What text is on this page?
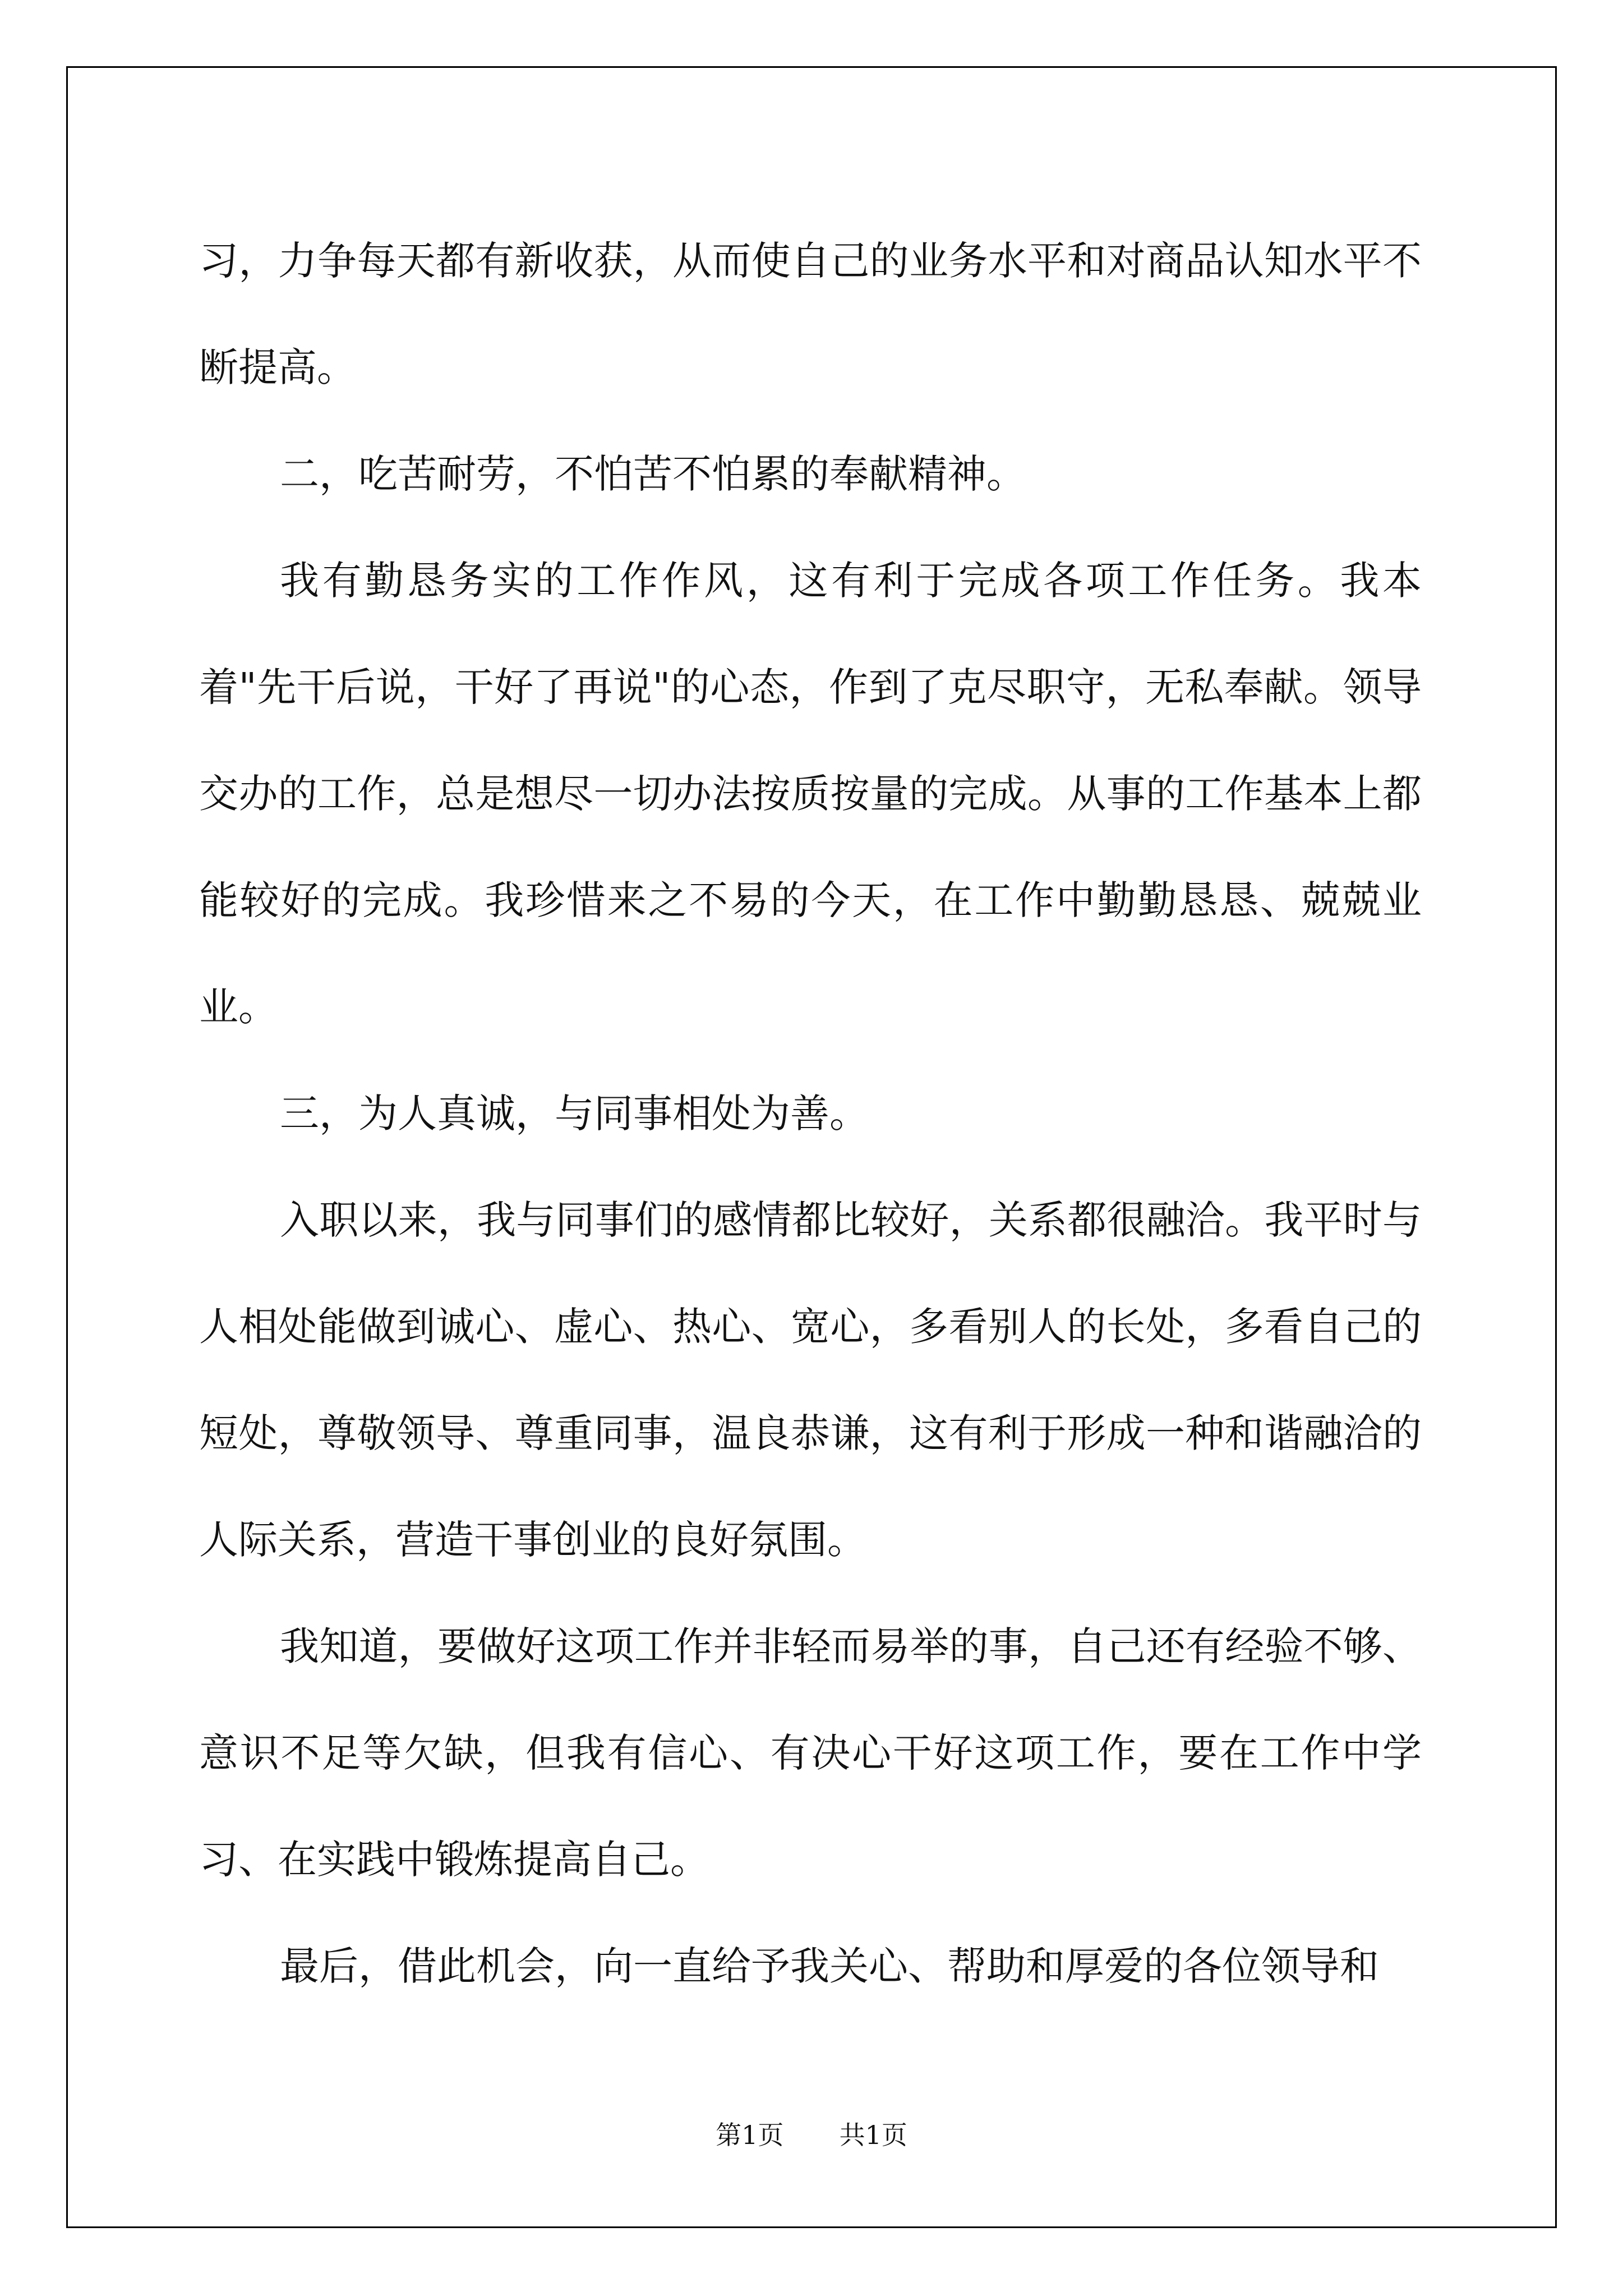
习，力争每天都有新收获，从而使自己的业务水平和对商品认知水平不断提高。

二，吃苦耐劳，不怕苦不怕累的奉献精神。

我有勤恳务实的工作作风，这有利于完成各项工作任务。我本着"先干后说，干好了再说"的心态，作到了克尽职守，无私奉献。领导交办的工作，总是想尽一切办法按质按量的完成。从事的工作基本上都能较好的完成。我珍惜来之不易的今天，在工作中勤勤恳恳、兢兢业业。

三，为人真诚，与同事相处为善。

入职以来，我与同事们的感情都比较好，关系都很融洽。我平时与人相处能做到诚心、虚心、热心、宽心，多看别人的长处，多看自己的短处，尊敬领导、尊重同事，温良恭谦，这有利于形成一种和谐融洽的人际关系，营造干事创业的良好氛围。

我知道，要做好这项工作并非轻而易举的事，自己还有经验不够、意识不足等欠缺，但我有信心、有决心干好这项工作，要在工作中学习、在实践中锻炼提高自己。

最后，借此机会，向一直给予我关心、帮助和厚爱的各位领导和

第1页 共1页
